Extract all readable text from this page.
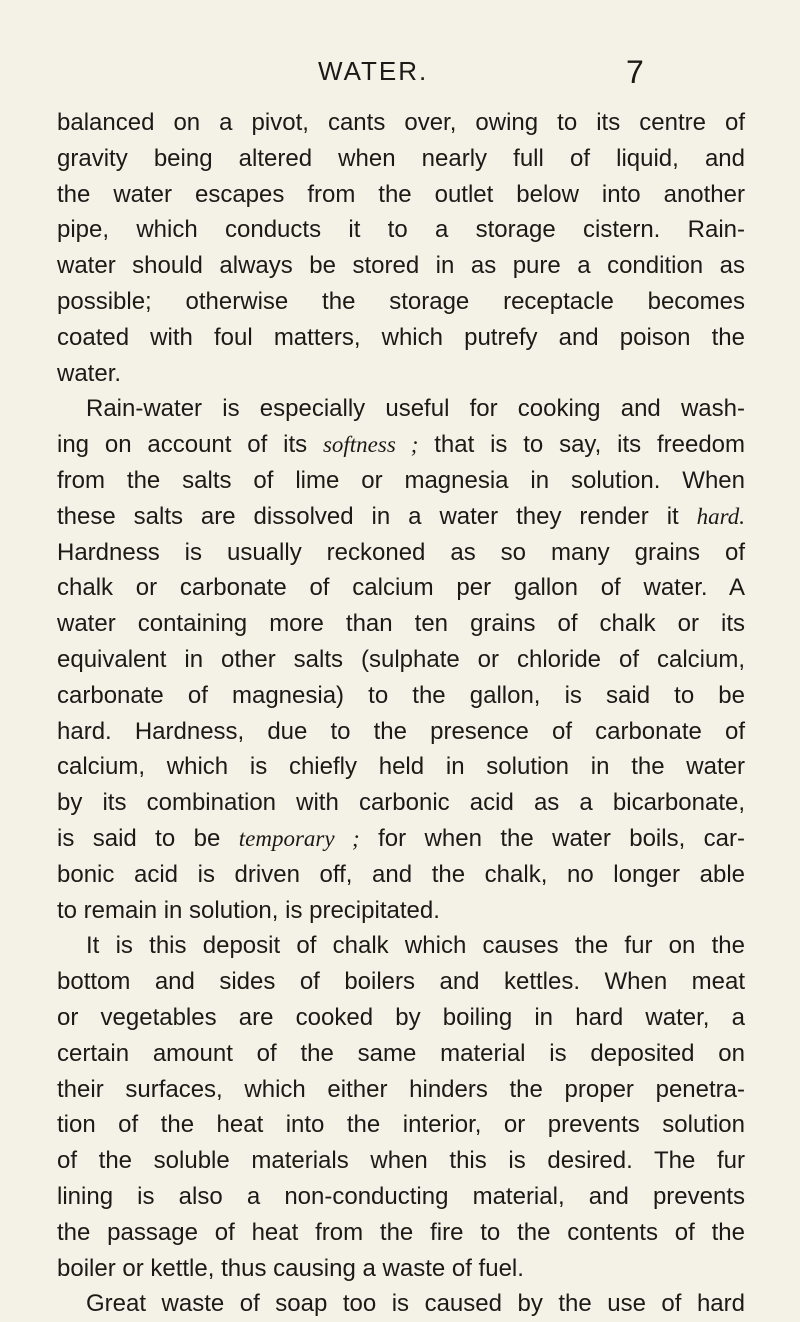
WATER.	7
balanced on a pivot, cants over, owing to its centre of
gravity being altered when nearly full of liquid, and
the water escapes from the outlet below into another
pipe, which conducts it to a storage cistern. Rain-
water should always be stored in as pure a condition as
possible; otherwise the storage receptacle becomes
coated with foul matters, which putrefy and poison the
water.
Rain-water is especially useful for cooking and wash-
ing on account of its softness ; that is to say, its freedom
from the salts of lime or magnesia in solution. When
these salts are dissolved in a water they render it hard.
Hardness is usually reckoned as so many grains of
chalk or carbonate of calcium per gallon of water. A
water containing more than ten grains of chalk or its
equivalent in other salts (sulphate or chloride of calcium,
carbonate of magnesia) to the gallon, is said to be
hard. Hardness, due to the presence of carbonate of
calcium, which is chiefly held in solution in the water
by its combination with carbonic acid as a bicarbonate,
is said to be temporary ; for when the water boils, car-
bonic acid is driven off, and the chalk, no longer able
to remain in solution, is precipitated.
It is this deposit of chalk which causes the fur on the
bottom and sides of boilers and kettles. When meat
or vegetables are cooked by boiling in hard water, a
certain amount of the same material is deposited on
their surfaces, which either hinders the proper penetra-
tion of the heat into the interior, or prevents solution
of the soluble materials when this is desired. The fur
lining is also a non-conducting material, and prevents
the passage of heat from the fire to the contents of the
boiler or kettle, thus causing a waste of fuel.
Great waste of soap too is caused by the use of hard
